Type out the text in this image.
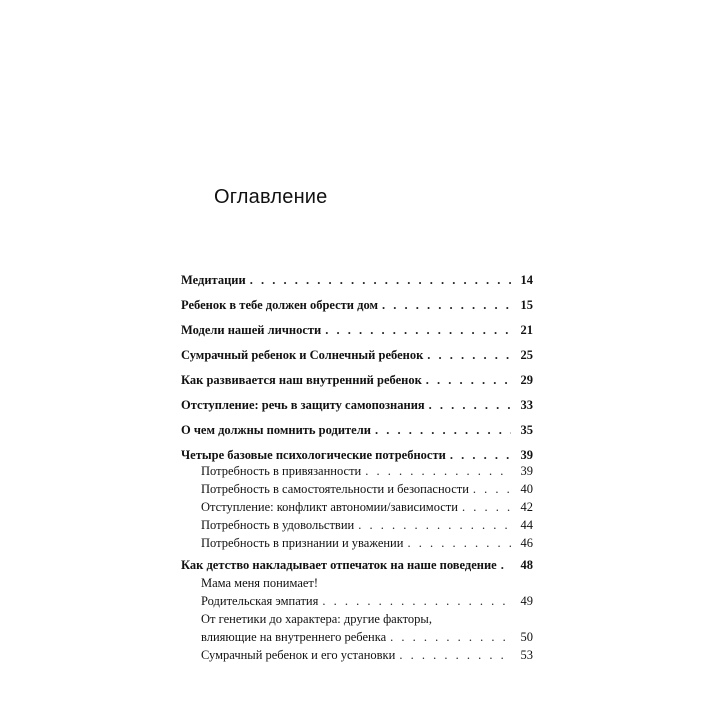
Оглавление
Медитации . . .	14
Ребенок в тебе должен обрести дом . . .	15
Модели нашей личности . . .	21
Сумрачный ребенок и Солнечный ребенок . . .	25
Как развивается наш внутренний ребенок . . .	29
Отступление: речь в защиту самопознания . . .	33
О чем должны помнить родители . . .	35
Четыре базовые психологические потребности . . .	39
Потребность в привязанности . . .	39
Потребность в самостоятельности и безопасности . . .	40
Отступление: конфликт автономии/зависимости . . .	42
Потребность в удовольствии . . .	44
Потребность в признании и уважении . . .	46
Как детство накладывает отпечаток на наше поведение . . .	48
Мама меня понимает!
Родительская эмпатия . . .	49
От генетики до характера: другие факторы,
влияющие на внутреннего ребенка . . .	50
Сумрачный ребенок и его установки . . .	53
